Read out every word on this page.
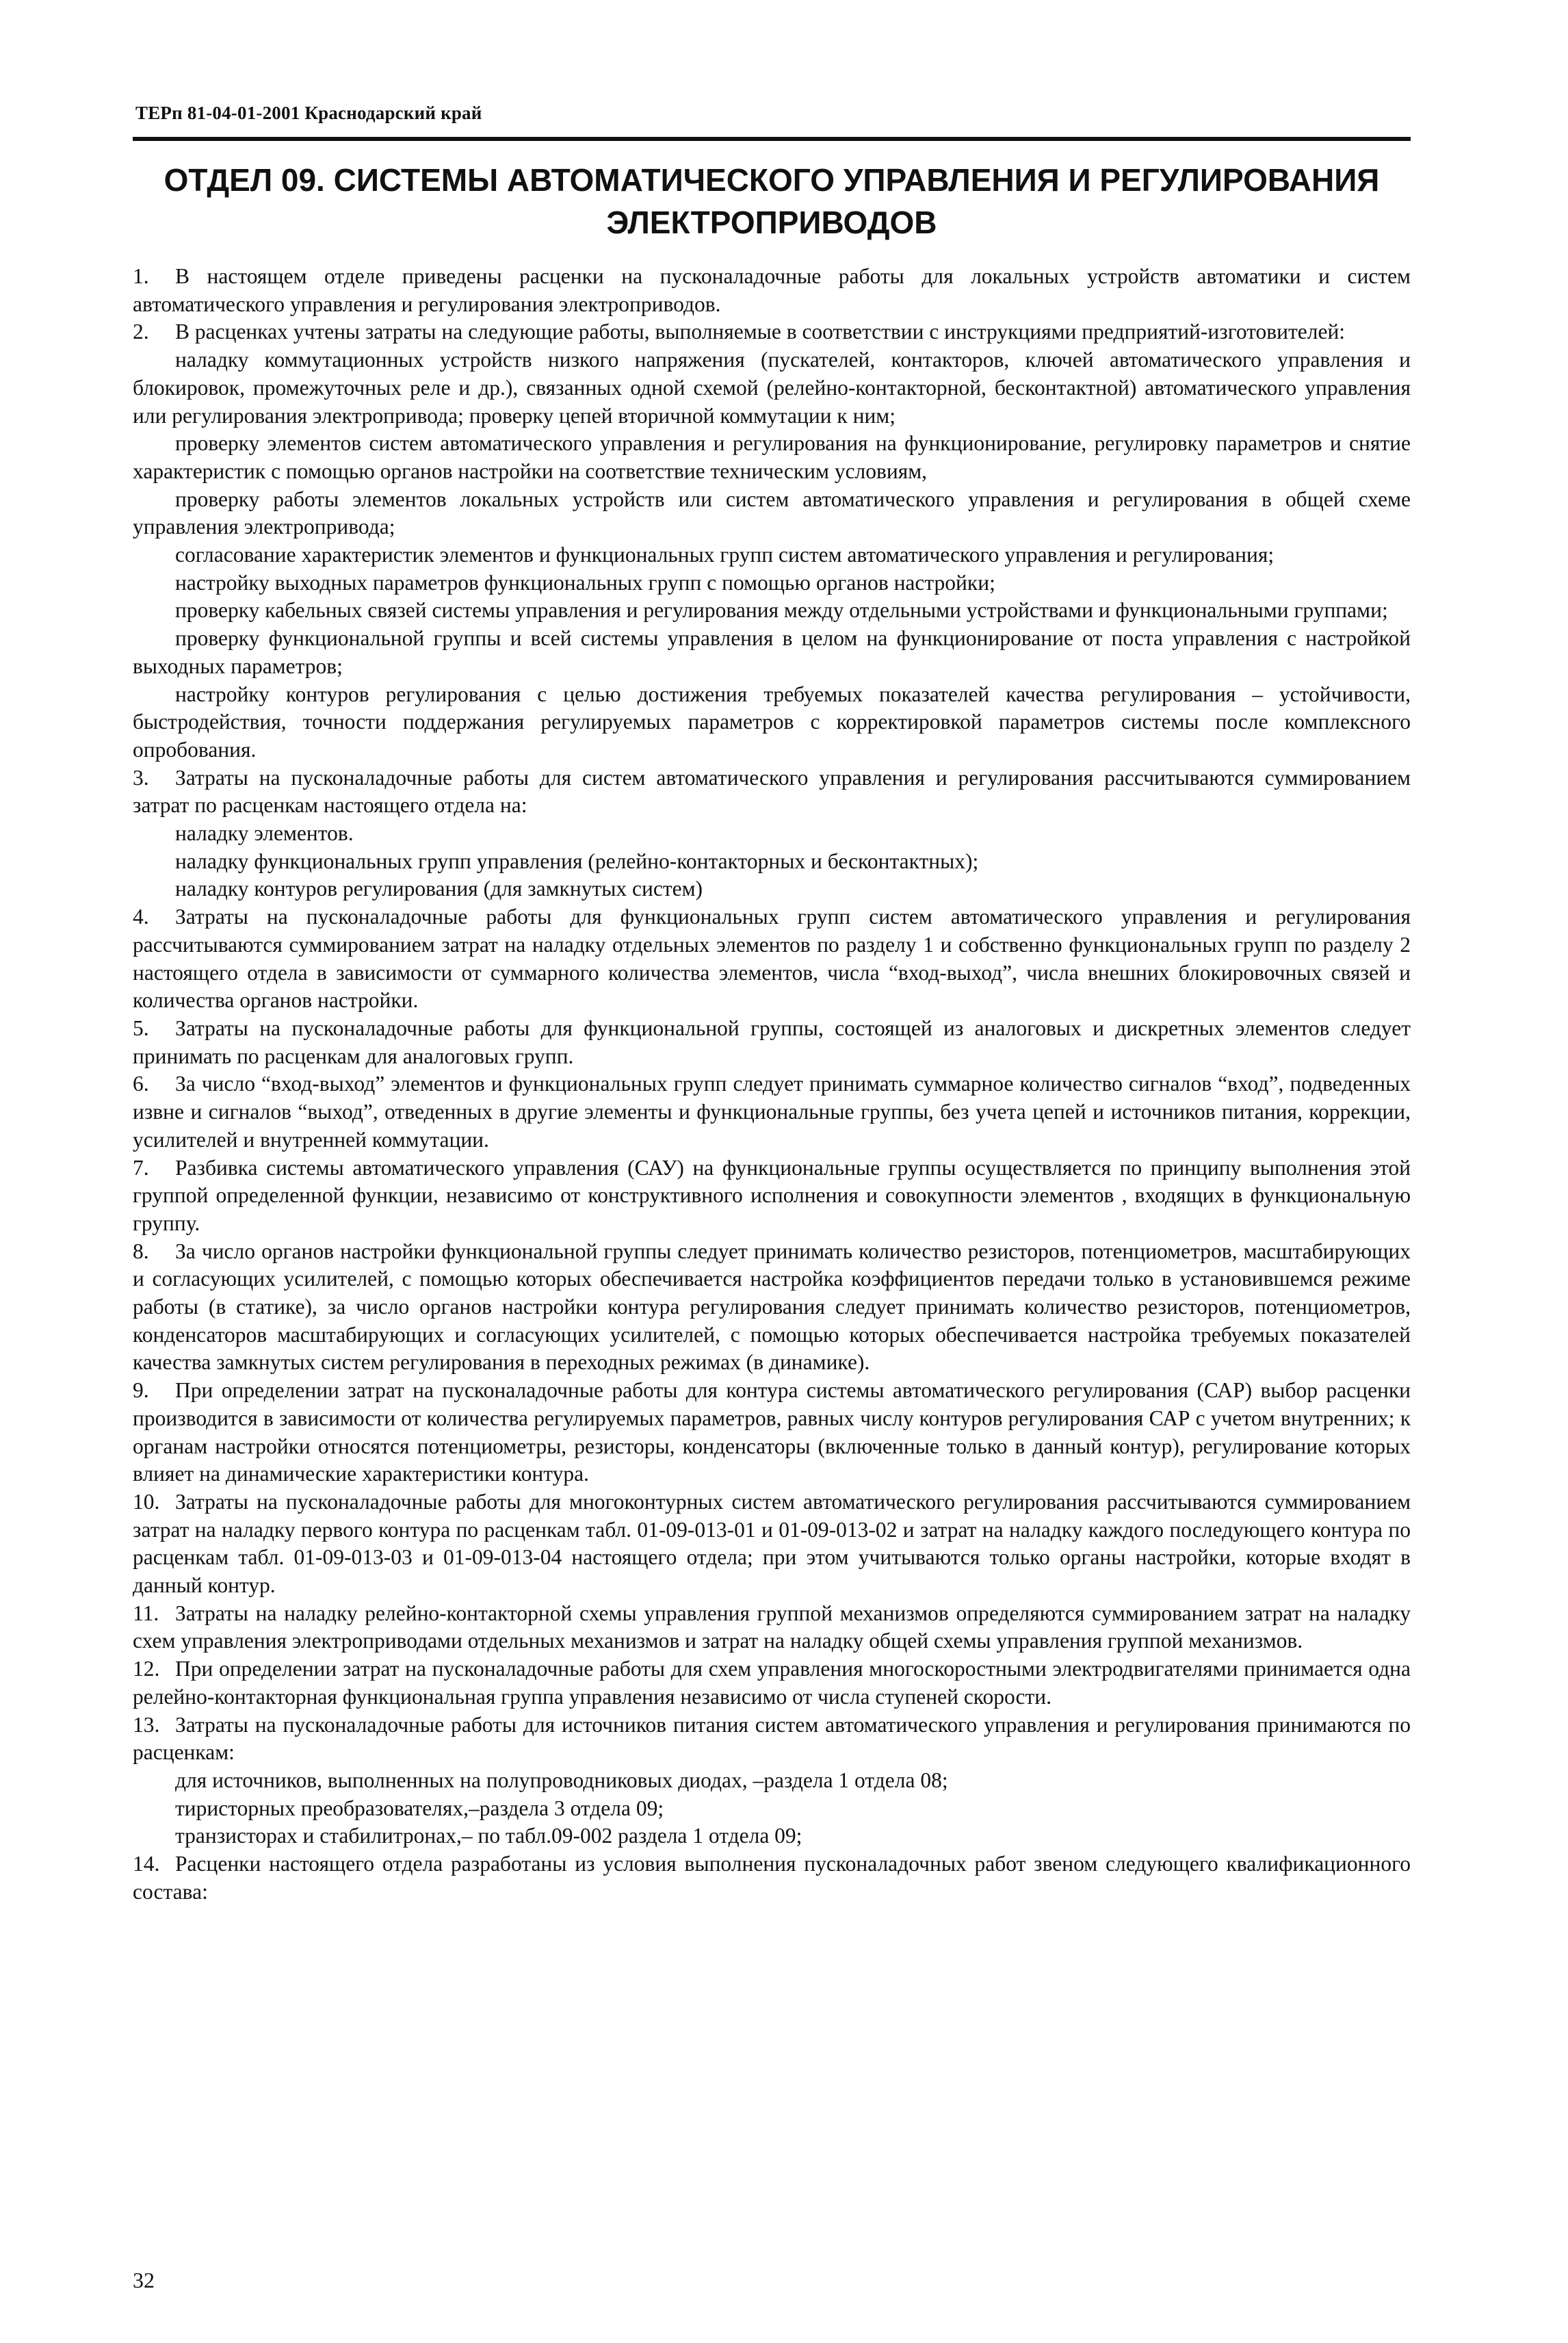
ТЕРп 81-04-01-2001 Краснодарский край
ОТДЕЛ 09. СИСТЕМЫ АВТОМАТИЧЕСКОГО УПРАВЛЕНИЯ И РЕГУЛИРОВАНИЯ
ЭЛЕКТРОПРИВОДОВ

1. В настоящем отделе приведены расценки на пусконаладочные работы для локальных устройств автоматики и систем автоматического управления и регулирования электроприводов.

2. В расценках учтены затраты на следующие работы, выполняемые в соответствии с инструкциями предприятий-изготовителей:

наладку коммутационных устройств низкого напряжения (пускателей, контакторов, ключей автоматического управления и блокировок, промежуточных реле и др.), связанных одной схемой (релейно-контакторной, бесконтактной) автоматического управления или регулирования электропривода; проверку цепей вторичной коммутации к ним;

проверку элементов систем автоматического управления и регулирования на функционирование, регулировку параметров и снятие характеристик с помощью органов настройки на соответствие техническим условиям,

проверку работы элементов локальных устройств или систем автоматического управления и регулирования в общей схеме управления электропривода;

согласование характеристик элементов и функциональных групп систем автоматического управления и регулирования;

настройку выходных параметров функциональных групп с помощью органов настройки;

проверку кабельных связей системы управления и регулирования между отдельными устройствами и функциональными группами;

проверку функциональной группы и всей системы управления в целом на функционирование от поста управления с настройкой выходных параметров;

настройку контуров регулирования с целью достижения требуемых показателей качества регулирования – устойчивости, быстродействия, точности поддержания регулируемых параметров с корректировкой параметров системы после комплексного опробования.

3. Затраты на пусконаладочные работы для систем автоматического управления и регулирования рассчитываются суммированием затрат по расценкам настоящего отдела на:

наладку элементов.

наладку функциональных групп управления (релейно-контакторных и бесконтактных);

наладку контуров регулирования (для замкнутых систем)

4. Затраты на пусконаладочные работы для функциональных групп систем автоматического управления и регулирования рассчитываются суммированием затрат на наладку отдельных элементов по разделу 1 и собственно функциональных групп по разделу 2 настоящего отдела в зависимости от суммарного количества элементов, числа “вход-выход”, числа внешних блокировочных связей и количества органов настройки.

5. Затраты на пусконаладочные работы для функциональной группы, состоящей из аналоговых и дискретных элементов следует принимать по расценкам для аналоговых групп.

6. За число “вход-выход” элементов и функциональных групп следует принимать суммарное количество сигналов “вход”, подведенных извне и сигналов “выход”, отведенных в другие элементы и функциональные группы, без учета цепей и источников питания, коррекции, усилителей и внутренней коммутации.

7. Разбивка системы автоматического управления (САУ) на функциональные группы осуществляется по принципу выполнения этой группой определенной функции, независимо от конструктивного исполнения и совокупности элементов , входящих в функциональную группу.

8. За число органов настройки функциональной группы следует принимать количество резисторов, потенциометров, масштабирующих и согласующих усилителей, с помощью которых обеспечивается настройка коэффициентов передачи только в установившемся режиме работы (в статике), за число органов настройки контура регулирования следует принимать количество резисторов, потенциометров, конденсаторов масштабирующих и согласующих усилителей, с помощью которых обеспечивается настройка требуемых показателей качества замкнутых систем регулирования в переходных режимах (в динамике).

9. При определении затрат на пусконаладочные работы для контура системы автоматического регулирования (САР) выбор расценки производится в зависимости от количества регулируемых параметров, равных числу контуров регулирования САР с учетом внутренних; к органам настройки относятся потенциометры, резисторы, конденсаторы (включенные только в данный контур), регулирование которых влияет на динамические характеристики контура.

10. Затраты на пусконаладочные работы для многоконтурных систем автоматического регулирования рассчитываются суммированием затрат на наладку первого контура по расценкам табл. 01-09-013-01 и 01-09-013-02 и затрат на наладку каждого последующего контура по расценкам табл. 01-09-013-03 и 01-09-013-04 настоящего отдела; при этом учитываются только органы настройки, которые входят в данный контур.

11. Затраты на наладку релейно-контакторной схемы управления группой механизмов определяются суммированием затрат на наладку схем управления электроприводами отдельных механизмов и затрат на наладку общей схемы управления группой механизмов.

12. При определении затрат на пусконаладочные работы для схем управления многоскоростными электродвигателями принимается одна релейно-контакторная функциональная группа управления независимо от числа ступеней скорости.

13. Затраты на пусконаладочные работы для источников питания систем автоматического управления и регулирования принимаются по расценкам:

для источников, выполненных на полупроводниковых диодах, –раздела 1 отдела 08;

тиристорных преобразователях,–раздела 3 отдела 09;

транзисторах и стабилитронах,– по табл.09-002 раздела 1 отдела 09;

14. Расценки настоящего отдела разработаны из условия выполнения пусконаладочных работ звеном следующего квалификационного состава:

32
